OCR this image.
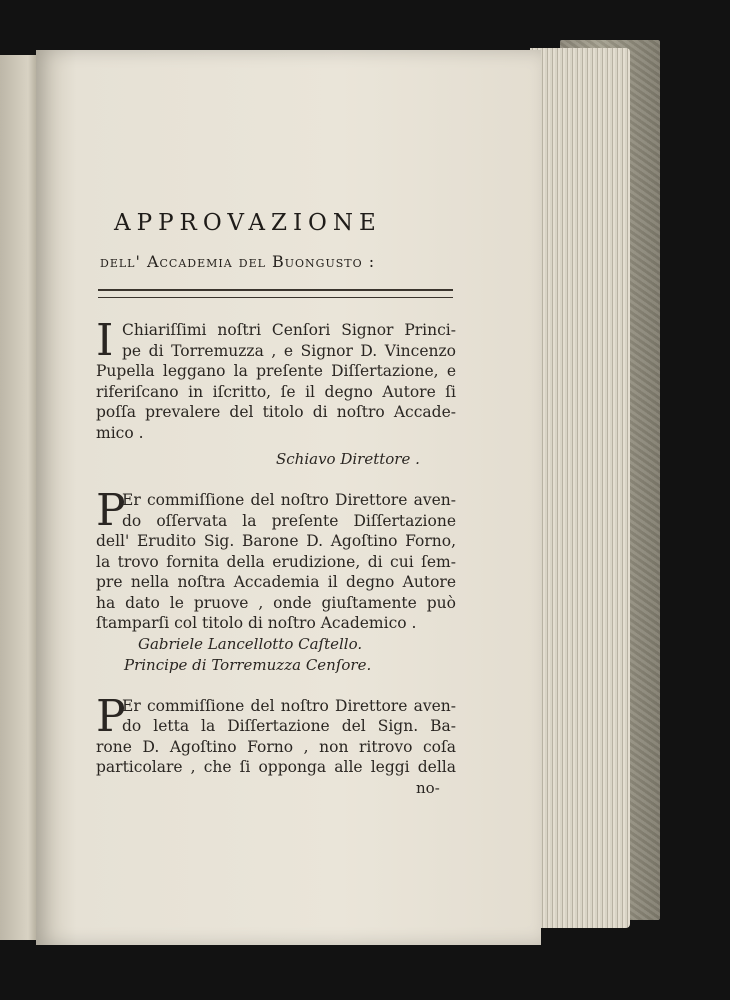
APPROVAZIONE
dell' Accademia del Buongusto :
I Chiariſſimi noſtri Cenſori Signor Princi-
pe di Torremuzza , e Signor D. Vincenzo
Pupella leggano la preſente Diſſertazione, e
riferiſcano in iſcritto, ſe il degno Autore ſi
poſſa prevalere del titolo di noſtro Accade-
mico .
Schiavo Direttore .
P
Er commiſſione del noſtro Direttore aven-
do oſſervata la preſente Diſſertazione
dell' Erudito Sig. Barone D. Agoſtino Forno,
la trovo fornita della erudizione, di cui ſem-
pre nella noſtra Accademia il degno Autore
ha dato le pruove , onde giuſtamente può
ſtamparſi col titolo di noſtro Academico .
Gabriele Lancellotto Caſtello.
Principe di Torremuzza Cenſore.
P
Er commiſſione del noſtro Direttore aven-
do letta la Diſſertazione del Sign. Ba-
rone D. Agoſtino Forno , non ritrovo coſa
particolare , che ſi opponga alle leggi della
no-
